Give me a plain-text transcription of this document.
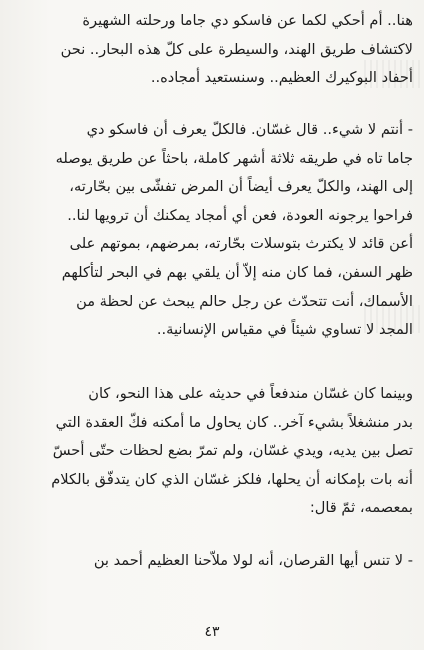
هنا.. أم أحكي لكما عن فاسكو دي جاما ورحلته الشهيرة
لاكتشاف طريق الهند، والسيطرة على كلّ هذه البحار.. نحن
أحفاد البوكيرك العظيم.. وسنستعيد أمجاده..
- أنتم لا شيء.. قال غسّان. فالكلّ يعرف أن فاسكو دي
جاما تاه في طريقه ثلاثة أشهر كاملة، باحثاً عن طريق يوصله
إلى الهند، والكلّ يعرف أيضاً أن المرض تفشّى بين بحّارته،
فراحوا يرجونه العودة، فعن أي أمجاد يمكنك أن ترويها لنا..
أعن قائد لا يكترث بتوسلات بحّارته، بمرضهم، بموتهم على
ظهر السفن، فما كان منه إلاّ أن يلقي بهم في البحر لتأكلهم
الأسماك، أنت تتحدّث عن رجل حالم يبحث عن لحظة من
المجد لا تساوي شيئاً في مقياس الإنسانية..
وبينما كان غسّان مندفعاً في حديثه على هذا النحو، كان
بدر منشغلاً بشيء آخر.. كان يحاول ما أمكنه فكّ العقدة التي
تصل بين يديه، ويدي غسّان، ولم تمرّ بضع لحظات حتّى أحسّ
أنه بات بإمكانه أن يحلها، فلكز غسّان الذي كان يتدفّق بالكلام
بمعصمه، ثمّ قال:
- لا تنس أيها القرصان، أنه لولا ملاّحنا العظيم أحمد بن
٤٣
